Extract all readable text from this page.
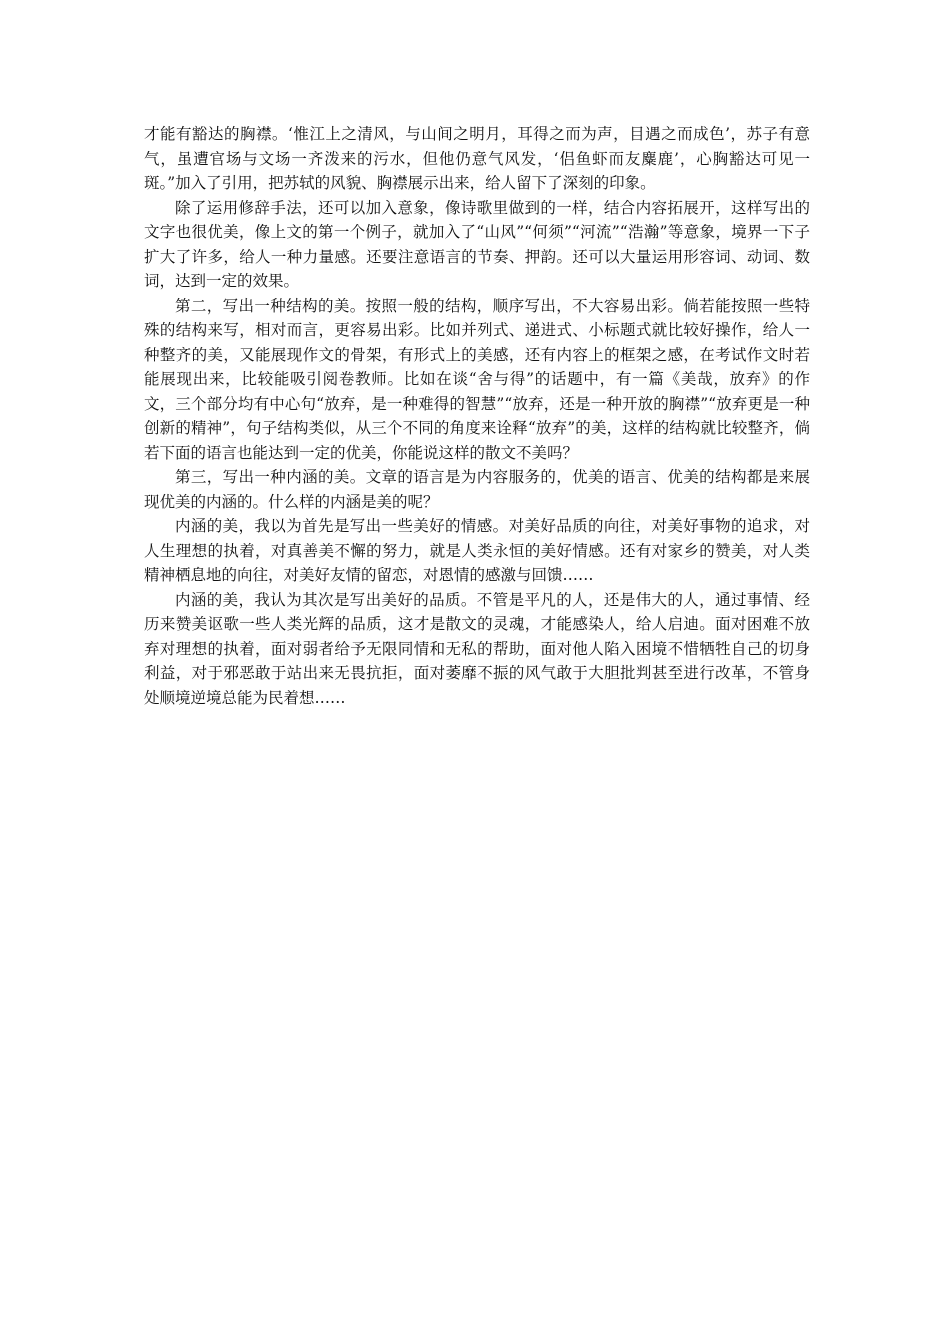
才能有豁达的胸襟。‘惟江上之清风，与山间之明月，耳得之而为声，目遇之而成色’，苏子有意气，虽遭官场与文场一齐泼来的污水，但他仍意气风发，‘侣鱼虾而友麋鹿’，心胸豁达可见一斑。”加入了引用，把苏轼的风貌、胸襟展示出来，给人留下了深刻的印象。

除了运用修辞手法，还可以加入意象，像诗歌里做到的一样，结合内容拓展开，这样写出的文字也很优美，像上文的第一个例子，就加入了“山风”“何须”“河流”“浩瀚”等意象，境界一下子扩大了许多，给人一种力量感。还要注意语言的节奏、押韵。还可以大量运用形容词、动词、数词，达到一定的效果。

第二，写出一种结构的美。按照一般的结构，顺序写出，不大容易出彩。倘若能按照一些特殊的结构来写，相对而言，更容易出彩。比如并列式、递进式、小标题式就比较好操作，给人一种整齐的美，又能展现作文的骨架，有形式上的美感，还有内容上的框架之感，在考试作文时若能展现出来，比较能吸引阅卷教师。比如在谈“舍与得”的话题中，有一篇《美哉，放弃》的作文，三个部分均有中心句“放弃，是一种难得的智慧”“放弃，还是一种开放的胸襟”“放弃更是一种创新的精神”，句子结构类似，从三个不同的角度来诠释“放弃”的美，这样的结构就比较整齐，倘若下面的语言也能达到一定的优美，你能说这样的散文不美吗？

第三，写出一种内涵的美。文章的语言是为内容服务的，优美的语言、优美的结构都是来展现优美的内涵的。什么样的内涵是美的呢？

内涵的美，我以为首先是写出一些美好的情感。对美好品质的向往，对美好事物的追求，对人生理想的执着，对真善美不懈的努力，就是人类永恒的美好情感。还有对家乡的赞美，对人类精神栖息地的向往，对美好友情的留恋，对恩情的感激与回馈……

内涵的美，我认为其次是写出美好的品质。不管是平凡的人，还是伟大的人，通过事情、经历来赞美讴歌一些人类光辉的品质，这才是散文的灵魂，才能感染人，给人启迪。面对困难不放弃对理想的执着，面对弱者给予无限同情和无私的帮助，面对他人陷入困境不惜牺牲自己的切身利益，对于邪恶敢于站出来无畏抗拒，面对萎靡不振的风气敢于大胆批判甚至进行改革，不管身处顺境逆境总能为民着想……
